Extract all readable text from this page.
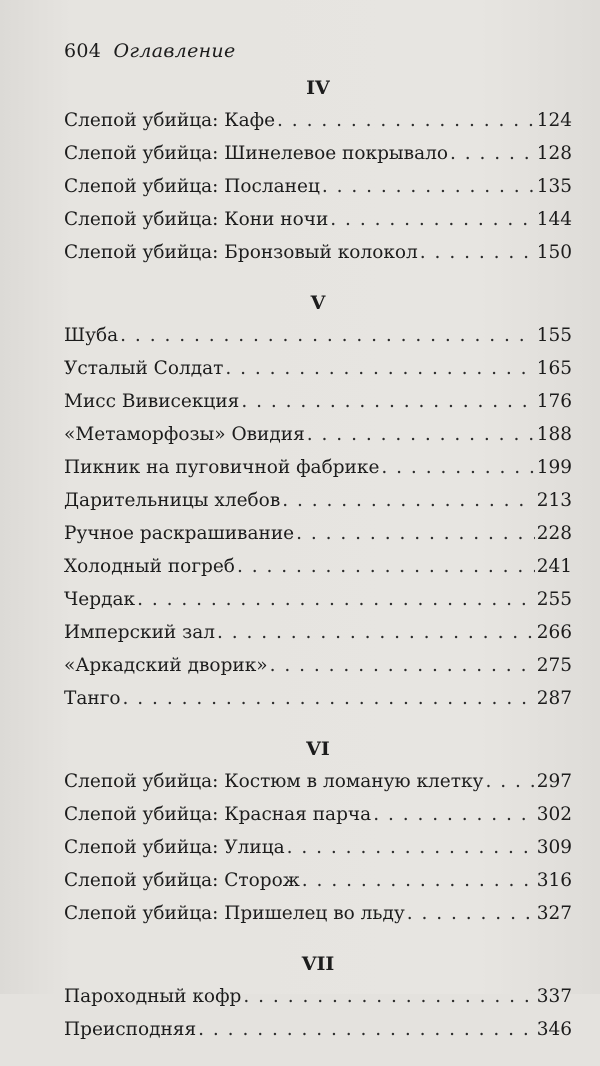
604 Оглавление
IV
Слепой убийца: Кафе . . .	124
Слепой убийца: Шинелевое покрывало . . .	128
Слепой убийца: Посланец . . .	135
Слепой убийца: Кони ночи . . .	144
Слепой убийца: Бронзовый колокол . . .	150
V
Шуба . . .	155
Усталый Солдат . . .	165
Мисс Вивисекция . . .	176
«Метаморфозы» Овидия . . .	188
Пикник на пуговичной фабрике . . .	199
Дарительницы хлебов . . .	213
Ручное раскрашивание . . .	228
Холодный погреб . . .	241
Чердак . . .	255
Имперский зал . . .	266
«Аркадский дворик» . . .	275
Танго . . .	287
VI
Слепой убийца: Костюм в ломаную клетку . . .	297
Слепой убийца: Красная парча . . .	302
Слепой убийца: Улица . . .	309
Слепой убийца: Сторож . . .	316
Слепой убийца: Пришелец во льду . . .	327
VII
Пароходный кофр . . .	337
Преисподняя . . .	346
